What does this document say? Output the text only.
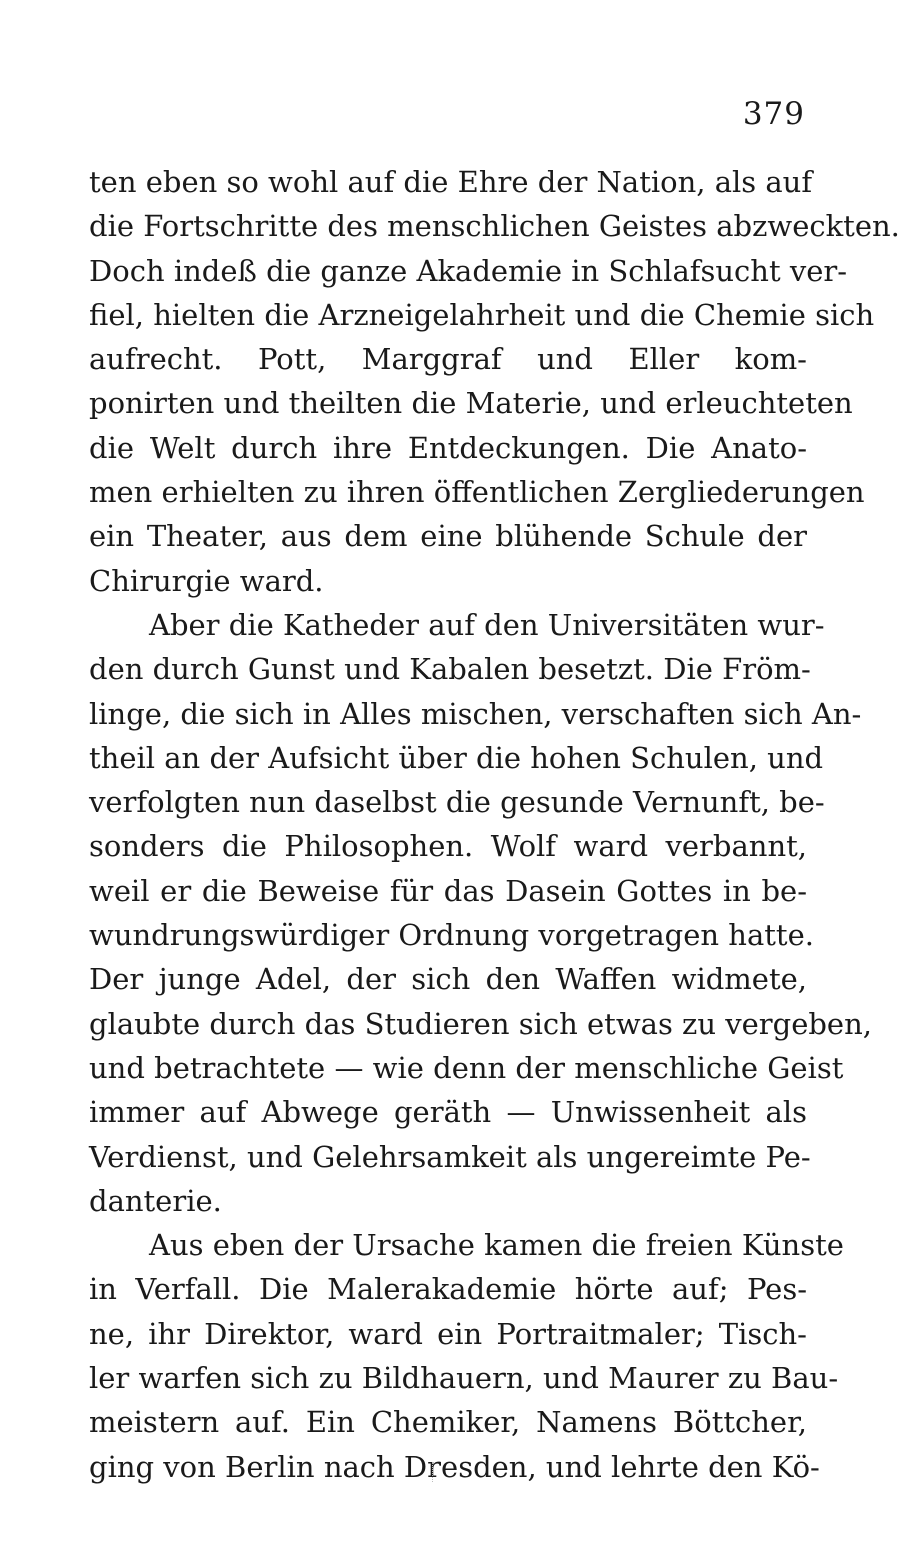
379
ten eben so wohl auf die Ehre der Nation, als auf
die Fortschritte des menschlichen Geistes abzweckten.
Doch indeß die ganze Akademie in Schlafsucht ver-
fiel, hielten die Arzneigelahrheit und die Chemie sich
aufrecht. Pott, Marggraf und Eller kom-
ponirten und theilten die Materie, und erleuchteten
die Welt durch ihre Entdeckungen. Die Anato-
men erhielten zu ihren öffentlichen Zergliederungen
ein Theater, aus dem eine blühende Schule der
Chirurgie ward.
Aber die Katheder auf den Universitäten wur-
den durch Gunst und Kabalen besetzt. Die Fröm-
linge, die sich in Alles mischen, verschaften sich An-
theil an der Aufsicht über die hohen Schulen, und
verfolgten nun daselbst die gesunde Vernunft, be-
sonders die Philosophen. Wolf ward verbannt,
weil er die Beweise für das Dasein Gottes in be-
wundrungswürdiger Ordnung vorgetragen hatte.
Der junge Adel, der sich den Waffen widmete,
glaubte durch das Studieren sich etwas zu vergeben,
und betrachtete — wie denn der menschliche Geist
immer auf Abwege geräth — Unwissenheit als
Verdienst, und Gelehrsamkeit als ungereimte Pe-
danterie.
Aus eben der Ursache kamen die freien Künste
in Verfall. Die Malerakademie hörte auf; Pes-
ne, ihr Direktor, ward ein Portraitmaler; Tisch-
ler warfen sich zu Bildhauern, und Maurer zu Bau-
meistern auf. Ein Chemiker, Namens Böttcher,
ging von Berlin nach Dresden, und lehrte den Kö-
